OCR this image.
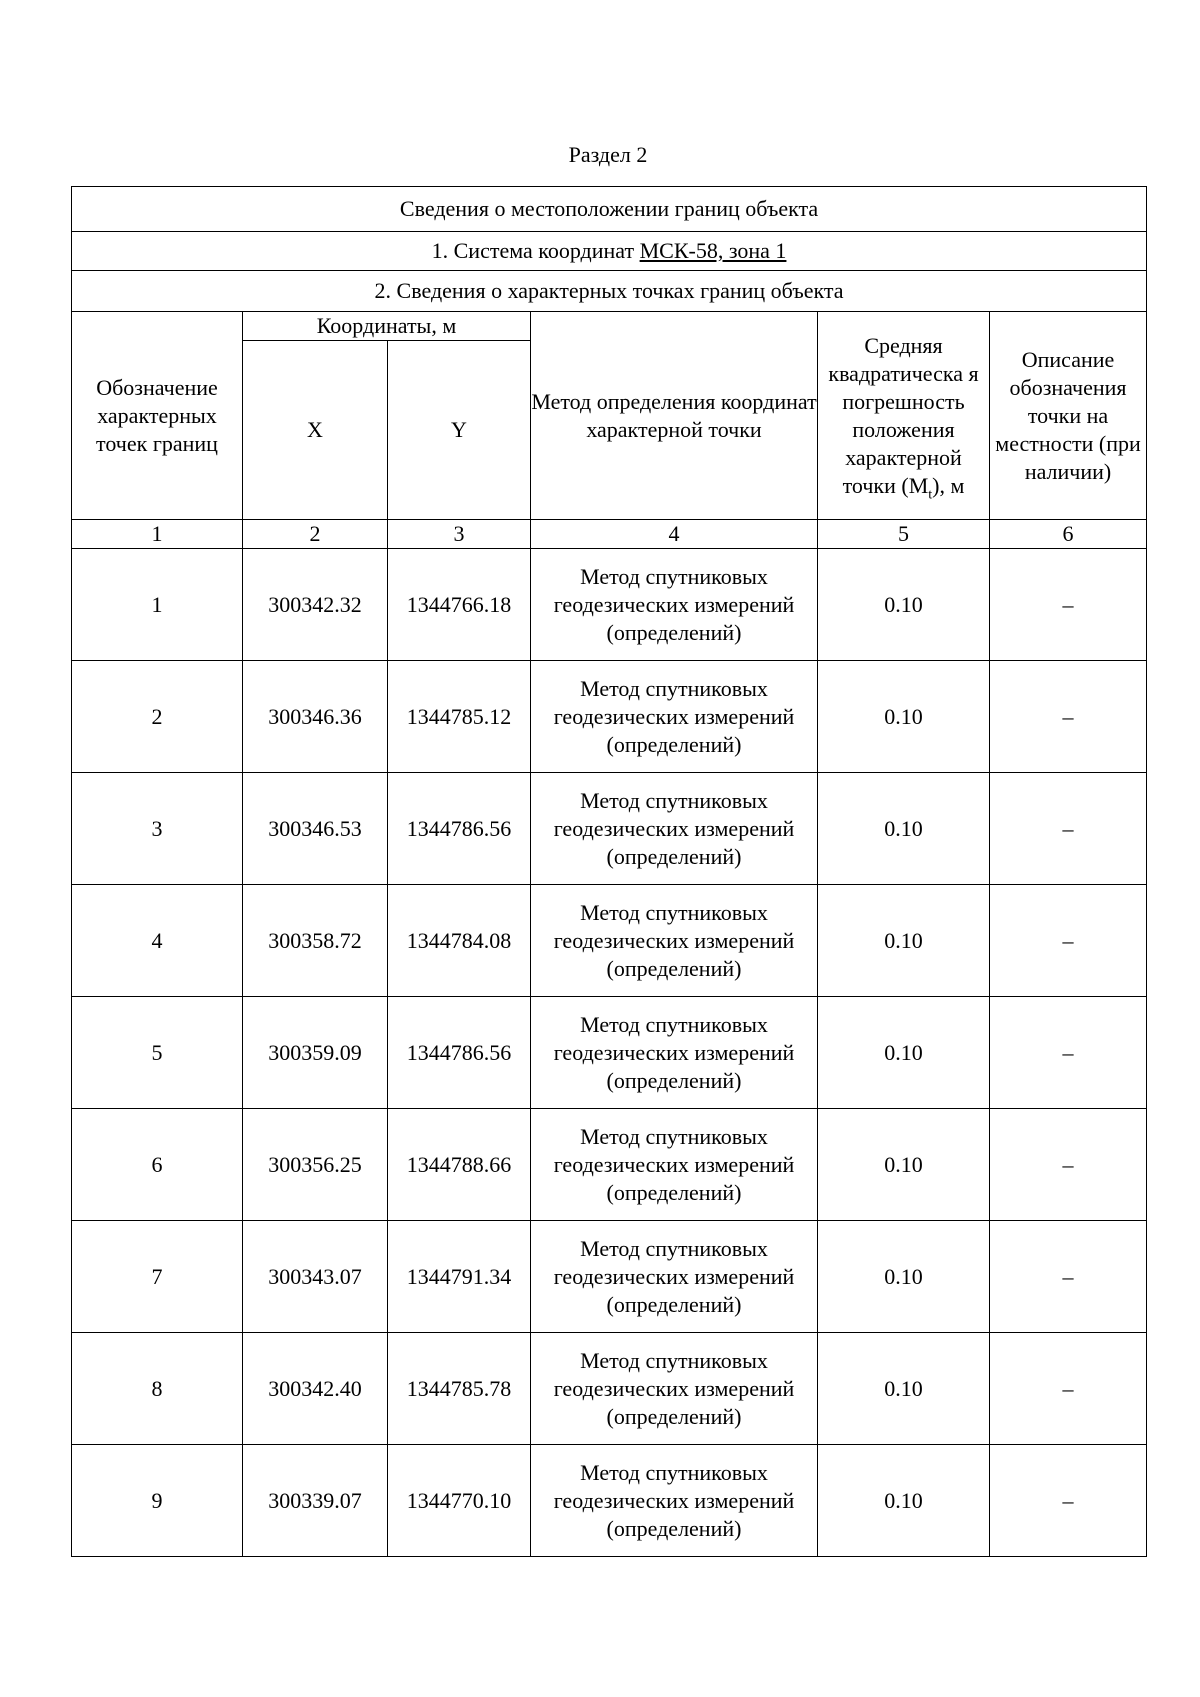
Раздел 2
Сведения о местоположении границ объекта					
1. Система координат МСК-58, зона 1					
2. Сведения о характерных точках границ объекта					
Обозначение характерных точек границ	Координаты, м		Метод определения координат характерной точки	Средняя квадратическа я погрешность положения характерной точки $(M_t)$, м	Описание обозначения точки на местности (при наличии)
	X	Y			
1	2	3	4	5	6
1	300342.32	1344766.18	Метод спутниковых геодезических измерений (определений)	0.10	–
2	300346.36	1344785.12	Метод спутниковых геодезических измерений (определений)	0.10	–
3	300346.53	1344786.56	Метод спутниковых геодезических измерений (определений)	0.10	–
4	300358.72	1344784.08	Метод спутниковых геодезических измерений (определений)	0.10	–
5	300359.09	1344786.56	Метод спутниковых геодезических измерений (определений)	0.10	–
6	300356.25	1344788.66	Метод спутниковых геодезических измерений (определений)	0.10	–
7	300343.07	1344791.34	Метод спутниковых геодезических измерений (определений)	0.10	–
8	300342.40	1344785.78	Метод спутниковых геодезических измерений (определений)	0.10	–
9	300339.07	1344770.10	Метод спутниковых геодезических измерений (определений)	0.10	–
